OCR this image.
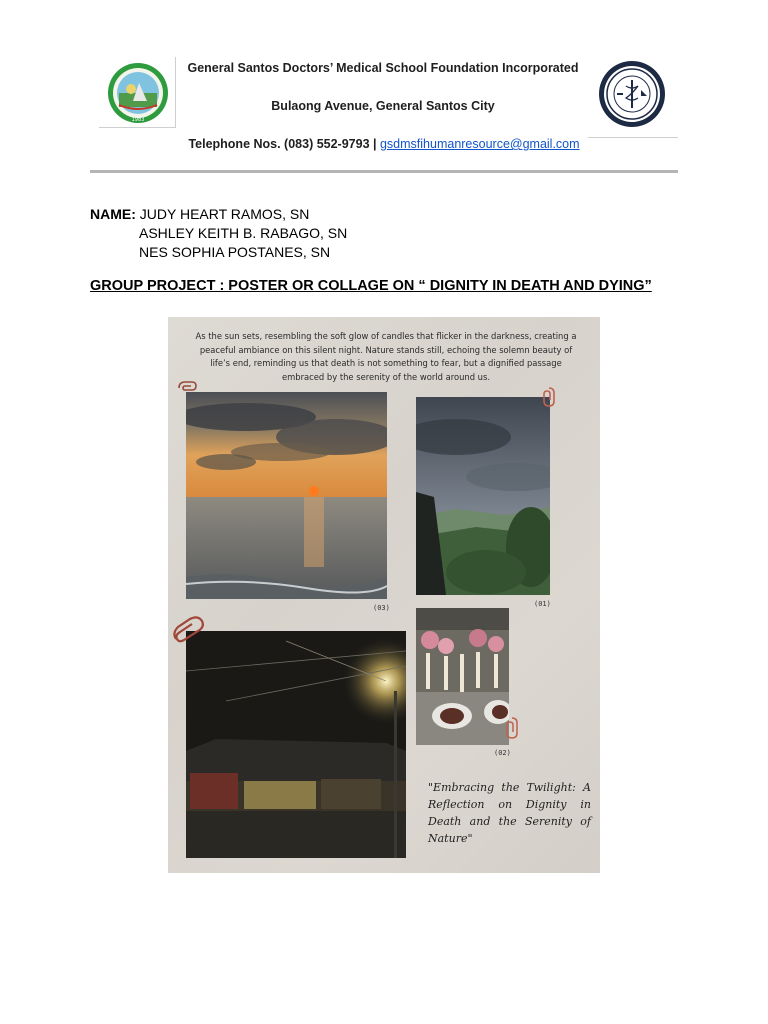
1983
General Santos Doctors’ Medical School Foundation Incorporated
Bulaong Avenue, General Santos City
Telephone Nos. (083) 552-9793 | gsdmsfihumanresource@gmail.com
NAME: JUDY HEART RAMOS, SN
ASHLEY KEITH B. RABAGO, SN
NES SOPHIA POSTANES, SN
GROUP PROJECT : POSTER OR COLLAGE ON “ DIGNITY IN DEATH AND DYING”
As the sun sets, resembling the soft glow of candles that flicker in the darkness, creating a peaceful ambiance on this silent night. Nature stands still, echoing the solemn beauty of life’s end, reminding us that death is not something to fear, but a dignified passage embraced by the serenity of the world around us.
(03)	(01)
(02)
"Embracing the Twilight: A Reflection on Dignity in Death and the Serenity of Nature"
